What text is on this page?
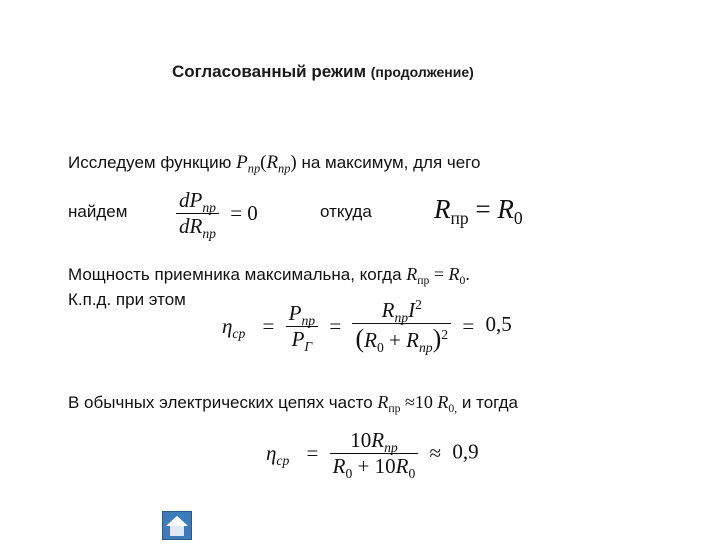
Согласованный режим (продолжение)
Исследуем функцию $P_{пр}(R_{пр})$ на максимум, для чего
найдем $\frac{dP_{пр}}{dR_{пр}} = 0$	откуда $R_{пр} = R_0$
Мощность приемника максимальна, когда $R_{пр} = R_0$.
К.п.д. при этом
$\eta_{ср} = \frac{P_{пр}}{P_Г} = \frac{R_{пр}I^2}{(R_0 + R_{пр})^2} = 0,5$
В обычных электрических цепях часто $R_{пр} \approx 10$ $R_{0,}$ и тогда
$\eta_{ср} = \frac{10R_{пр}}{R_0 + 10R_0} \approx 0,9$
